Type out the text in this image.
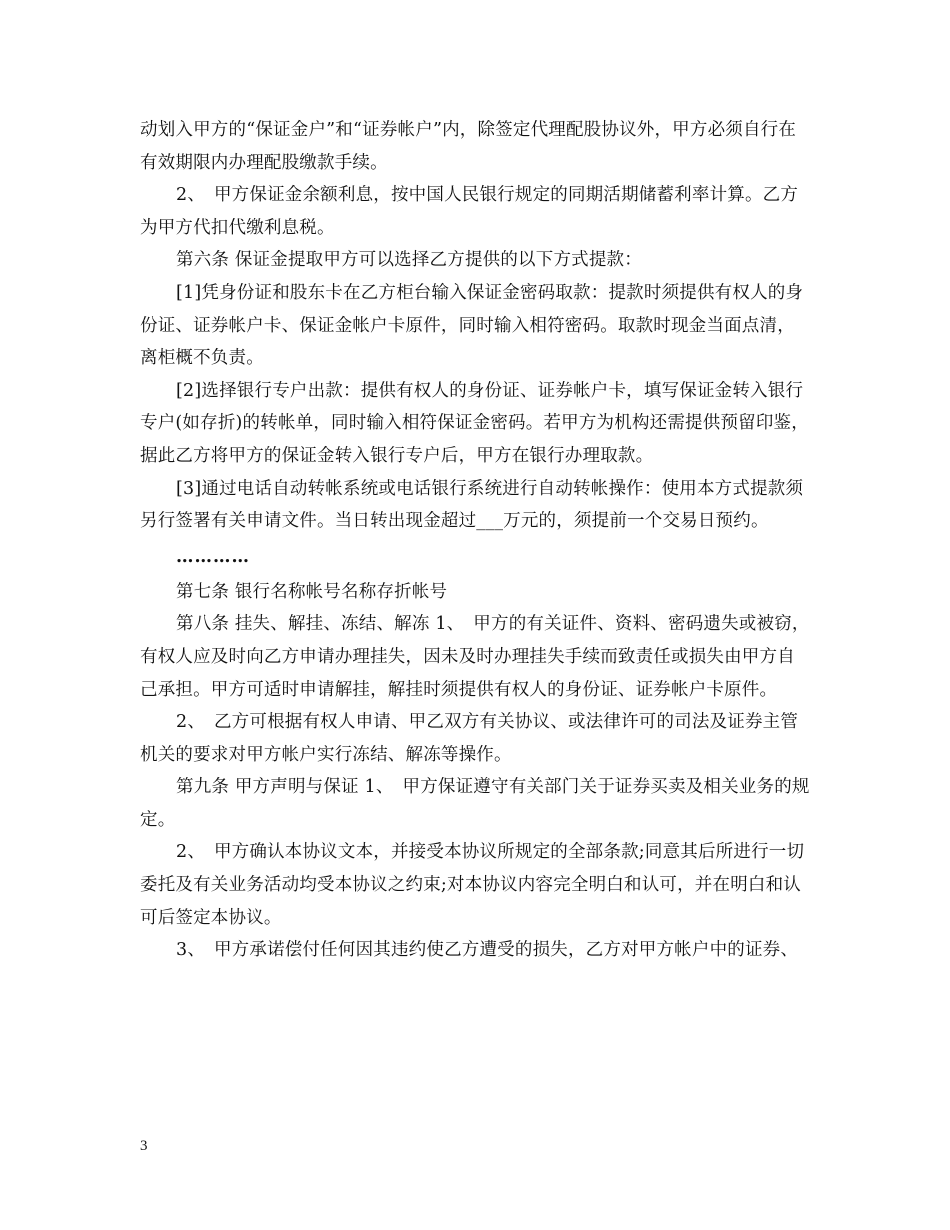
动划入甲方的“保证金户”和“证券帐户”内，除签定代理配股协议外，甲方必须自行在有效期限内办理配股缴款手续。

2、　甲方保证金余额利息，按中国人民银行规定的同期活期储蓄利率计算。乙方为甲方代扣代缴利息税。

第六条 保证金提取甲方可以选择乙方提供的以下方式提款：

[1]凭身份证和股东卡在乙方柜台输入保证金密码取款：提款时须提供有权人的身份证、证券帐户卡、保证金帐户卡原件，同时输入相符密码。取款时现金当面点清，离柜概不负责。

[2]选择银行专户出款：提供有权人的身份证、证券帐户卡，填写保证金转入银行专户(如存折)的转帐单，同时输入相符保证金密码。若甲方为机构还需提供预留印鉴，据此乙方将甲方的保证金转入银行专户后，甲方在银行办理取款。

[3]通过电话自动转帐系统或电话银行系统进行自动转帐操作：使用本方式提款须另行签署有关申请文件。当日转出现金超过___万元的，须提前一个交易日预约。

…………

第七条 银行名称帐号名称存折帐号

第八条 挂失、解挂、冻结、解冻 1、　甲方的有关证件、资料、密码遗失或被窃，有权人应及时向乙方申请办理挂失，因未及时办理挂失手续而致责任或损失由甲方自己承担。甲方可适时申请解挂，解挂时须提供有权人的身份证、证券帐户卡原件。

2、　乙方可根据有权人申请、甲乙双方有关协议、或法律许可的司法及证券主管机关的要求对甲方帐户实行冻结、解冻等操作。

第九条 甲方声明与保证 1、　甲方保证遵守有关部门关于证券买卖及相关业务的规定。

2、　甲方确认本协议文本，并接受本协议所规定的全部条款;同意其后所进行一切委托及有关业务活动均受本协议之约束;对本协议内容完全明白和认可，并在明白和认可后签定本协议。

3、　甲方承诺偿付任何因其违约使乙方遭受的损失，乙方对甲方帐户中的证券、

3
